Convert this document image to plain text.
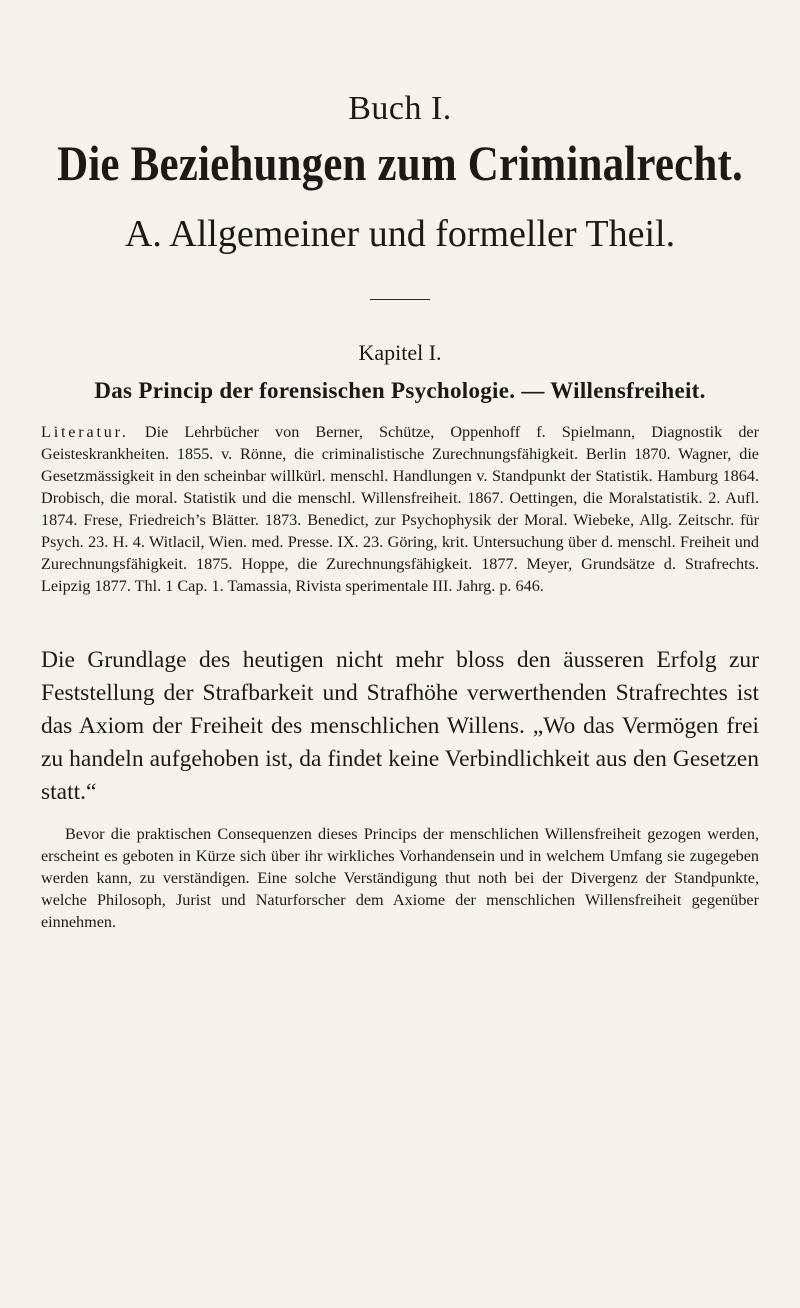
Buch I.
Die Beziehungen zum Criminalrecht.
A. Allgemeiner und formeller Theil.
Kapitel I.
Das Princip der forensischen Psychologie. — Willensfreiheit.

Literatur. Die Lehrbücher von Berner, Schütze, Oppenhoff f. Spielmann, Diagnostik der Geisteskrankheiten. 1855. v. Rönne, die criminalistische Zurechnungsfähigkeit. Berlin 1870. Wagner, die Gesetzmässigkeit in den scheinbar willkürl. menschl. Handlungen v. Standpunkt der Statistik. Hamburg 1864. Drobisch, die moral. Statistik und die menschl. Willensfreiheit. 1867. Oettingen, die Moralstatistik. 2. Aufl. 1874. Frese, Friedreich’s Blätter. 1873. Benedict, zur Psychophysik der Moral. Wiebeke, Allg. Zeitschr. für Psych. 23. H. 4. Witlacil, Wien. med. Presse. IX. 23. Göring, krit. Untersuchung über d. menschl. Freiheit und Zurechnungsfähigkeit. 1875. Hoppe, die Zurechnungsfähigkeit. 1877. Meyer, Grundsätze d. Strafrechts. Leipzig 1877. Thl. 1 Cap. 1. Tamassia, Rivista sperimentale III. Jahrg. p. 646.

Die Grundlage des heutigen nicht mehr bloss den äusseren Erfolg zur Feststellung der Strafbarkeit und Strafhöhe verwerthenden Strafrechtes ist das Axiom der Freiheit des menschlichen Willens. „Wo das Vermögen frei zu handeln aufgehoben ist, da findet keine Verbindlichkeit aus den Gesetzen statt.“

Bevor die praktischen Consequenzen dieses Princips der menschlichen Willensfreiheit gezogen werden, erscheint es geboten in Kürze sich über ihr wirkliches Vorhandensein und in welchem Umfang sie zugegeben werden kann, zu verständigen. Eine solche Verständigung thut noth bei der Divergenz der Standpunkte, welche Philosoph, Jurist und Naturforscher dem Axiome der menschlichen Willensfreiheit gegenüber einnehmen.
